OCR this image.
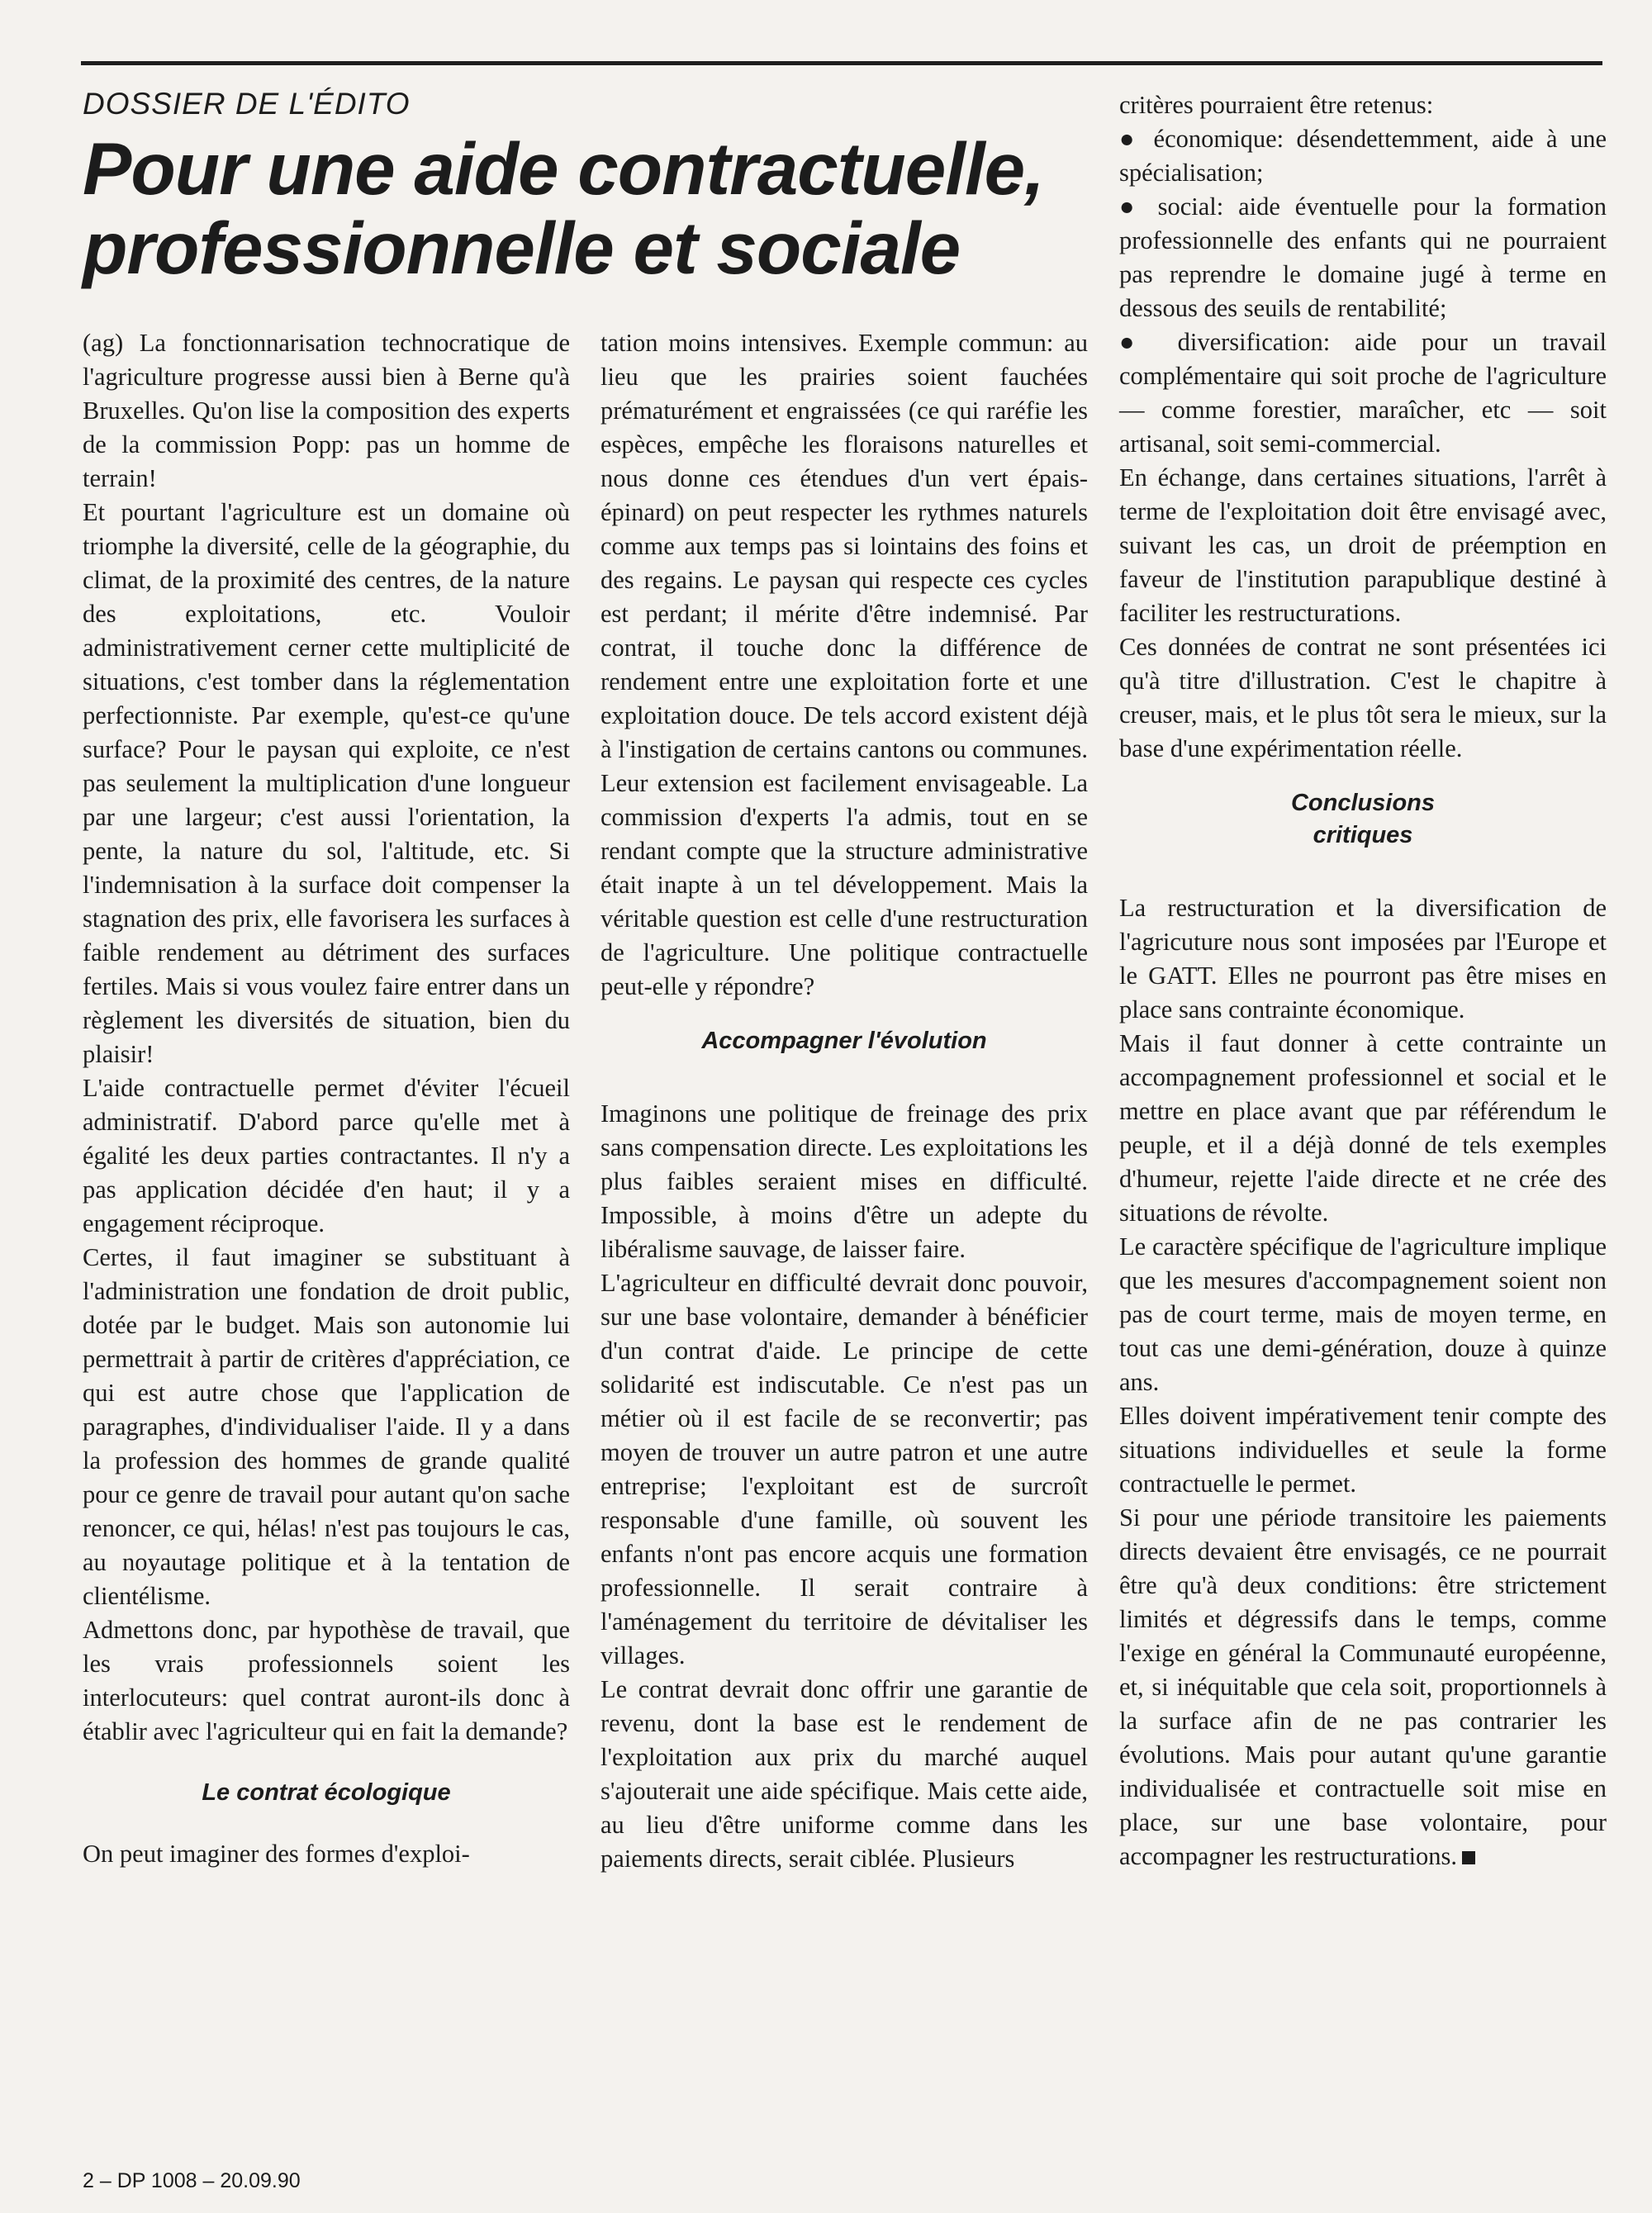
DOSSIER DE L'ÉDITO
Pour une aide contractuelle, professionnelle et sociale

(ag) La fonctionnarisation technocratique de l'agriculture progresse aussi bien à Berne qu'à Bruxelles. Qu'on lise la composition des experts de la commission Popp: pas un homme de terrain!

Et pourtant l'agriculture est un domaine où triomphe la diversité, celle de la géographie, du climat, de la proximité des centres, de la nature des exploitations, etc. Vouloir administrativement cerner cette multiplicité de situations, c'est tomber dans la réglementation perfectionniste. Par exemple, qu'est-ce qu'une surface? Pour le paysan qui exploite, ce n'est pas seulement la multiplication d'une longueur par une largeur; c'est aussi l'orientation, la pente, la nature du sol, l'altitude, etc. Si l'indemnisation à la surface doit compenser la stagnation des prix, elle favorisera les surfaces à faible rendement au détriment des surfaces fertiles. Mais si vous voulez faire entrer dans un règlement les diversités de situation, bien du plaisir!

L'aide contractuelle permet d'éviter l'écueil administratif. D'abord parce qu'elle met à égalité les deux parties contractantes. Il n'y a pas application décidée d'en haut; il y a engagement réciproque.

Certes, il faut imaginer se substituant à l'administration une fondation de droit public, dotée par le budget. Mais son autonomie lui permettrait à partir de critères d'appréciation, ce qui est autre chose que l'application de paragraphes, d'individualiser l'aide. Il y a dans la profession des hommes de grande qualité pour ce genre de travail pour autant qu'on sache renoncer, ce qui, hélas! n'est pas toujours le cas, au noyautage politique et à la tentation de clientélisme.

Admettons donc, par hypothèse de travail, que les vrais professionnels soient les interlocuteurs: quel contrat auront-ils donc à établir avec l'agriculteur qui en fait la demande?

Le contrat écologique

On peut imaginer des formes d'exploi-

tation moins intensives. Exemple commun: au lieu que les prairies soient fauchées prématurément et engraissées (ce qui raréfie les espèces, empêche les floraisons naturelles et nous donne ces étendues d'un vert épais-épinard) on peut respecter les rythmes naturels comme aux temps pas si lointains des foins et des regains. Le paysan qui respecte ces cycles est perdant; il mérite d'être indemnisé. Par contrat, il touche donc la différence de rendement entre une exploitation forte et une exploitation douce. De tels accord existent déjà à l'instigation de certains cantons ou communes. Leur extension est facilement envisageable. La commission d'experts l'a admis, tout en se rendant compte que la structure administrative était inapte à un tel développement. Mais la véritable question est celle d'une restructuration de l'agriculture. Une politique contractuelle peut-elle y répondre?

Accompagner l'évolution

Imaginons une politique de freinage des prix sans compensation directe. Les exploitations les plus faibles seraient mises en difficulté. Impossible, à moins d'être un adepte du libéralisme sauvage, de laisser faire.

L'agriculteur en difficulté devrait donc pouvoir, sur une base volontaire, demander à bénéficier d'un contrat d'aide. Le principe de cette solidarité est indiscutable. Ce n'est pas un métier où il est facile de se reconvertir; pas moyen de trouver un autre patron et une autre entreprise; l'exploitant est de surcroît responsable d'une famille, où souvent les enfants n'ont pas encore acquis une formation professionnelle. Il serait contraire à l'aménagement du territoire de dévitaliser les villages.

Le contrat devrait donc offrir une garantie de revenu, dont la base est le rendement de l'exploitation aux prix du marché auquel s'ajouterait une aide spécifique. Mais cette aide, au lieu d'être uniforme comme dans les paiements directs, serait ciblée. Plusieurs

critères pourraient être retenus:

● économique: désendettemment, aide à une spécialisation;

● social: aide éventuelle pour la formation professionnelle des enfants qui ne pourraient pas reprendre le domaine jugé à terme en dessous des seuils de rentabilité;

● diversification: aide pour un travail complémentaire qui soit proche de l'agriculture — comme forestier, maraîcher, etc — soit artisanal, soit semi-commercial.

En échange, dans certaines situations, l'arrêt à terme de l'exploitation doit être envisagé avec, suivant les cas, un droit de préemption en faveur de l'institution parapublique destiné à faciliter les restructurations.

Ces données de contrat ne sont présentées ici qu'à titre d'illustration. C'est le chapitre à creuser, mais, et le plus tôt sera le mieux, sur la base d'une expérimentation réelle.

Conclusions critiques

La restructuration et la diversification de l'agricuture nous sont imposées par l'Europe et le GATT. Elles ne pourront pas être mises en place sans contrainte économique.

Mais il faut donner à cette contrainte un accompagnement professionnel et social et le mettre en place avant que par référendum le peuple, et il a déjà donné de tels exemples d'humeur, rejette l'aide directe et ne crée des situations de révolte.

Le caractère spécifique de l'agriculture implique que les mesures d'accompagnement soient non pas de court terme, mais de moyen terme, en tout cas une demi-génération, douze à quinze ans.

Elles doivent impérativement tenir compte des situations individuelles et seule la forme contractuelle le permet.

Si pour une période transitoire les paiements directs devaient être envisagés, ce ne pourrait être qu'à deux conditions: être strictement limités et dégressifs dans le temps, comme l'exige en général la Communauté européenne, et, si inéquitable que cela soit, proportionnels à la surface afin de ne pas contrarier les évolutions. Mais pour autant qu'une garantie individualisée et contractuelle soit mise en place, sur une base volontaire, pour accompagner les restructurations.

2 – DP 1008 – 20.09.90
